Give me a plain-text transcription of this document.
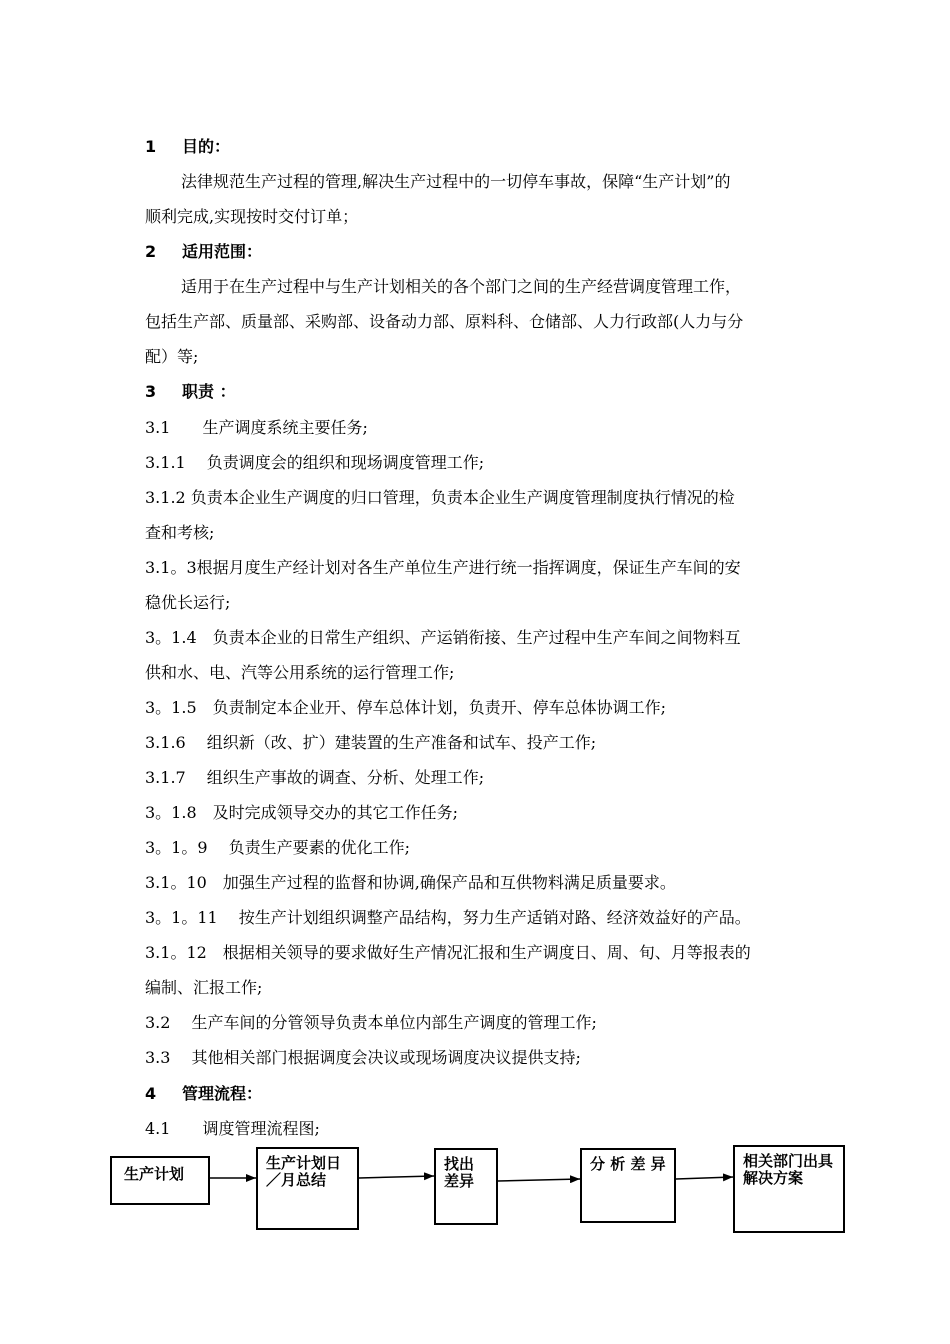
1 目的：
法律规范生产过程的管理,解决生产过程中的一切停车事故，保障“生产计划”的
顺利完成,实现按时交付订单；
2 适用范围：
适用于在生产过程中与生产计划相关的各个部门之间的生产经营调度管理工作，
包括生产部、质量部、采购部、设备动力部、原料科、仓储部、人力行政部(人力与分
配）等;
3 职责 ：
3.1　　生产调度系统主要任务;
3.1.1　 负责调度会的组织和现场调度管理工作;
3.1.2 负责本企业生产调度的归口管理，负责本企业生产调度管理制度执行情况的检
查和考核;
3.1。3根据月度生产经计划对各生产单位生产进行统一指挥调度，保证生产车间的安
稳优长运行;
3。1.4　负责本企业的日常生产组织、产运销衔接、生产过程中生产车间之间物料互
供和水、电、汽等公用系统的运行管理工作;
3。1.5　负责制定本企业开、停车总体计划，负责开、停车总体协调工作;
3.1.6　 组织新（改、扩）建装置的生产准备和试车、投产工作;
3.1.7　 组织生产事故的调查、分析、处理工作;
3。1.8　及时完成领导交办的其它工作任务;
3。1。9　 负责生产要素的优化工作;
3.1。10　加强生产过程的监督和协调,确保产品和互供物料满足质量要求。
3。1。11　 按生产计划组织调整产品结构，努力生产适销对路、经济效益好的产品。
3.1。12　根据相关领导的要求做好生产情况汇报和生产调度日、周、旬、月等报表的
编制、汇报工作;
3.2　 生产车间的分管领导负责本单位内部生产调度的管理工作;
3.3　 其他相关部门根据调度会决议或现场调度决议提供支持;
4 管理流程：
4.1　　调度管理流程图;
生产计划
生产计划日／月总结
找出差异
分 析 差 异	相关部门出具解决方案
